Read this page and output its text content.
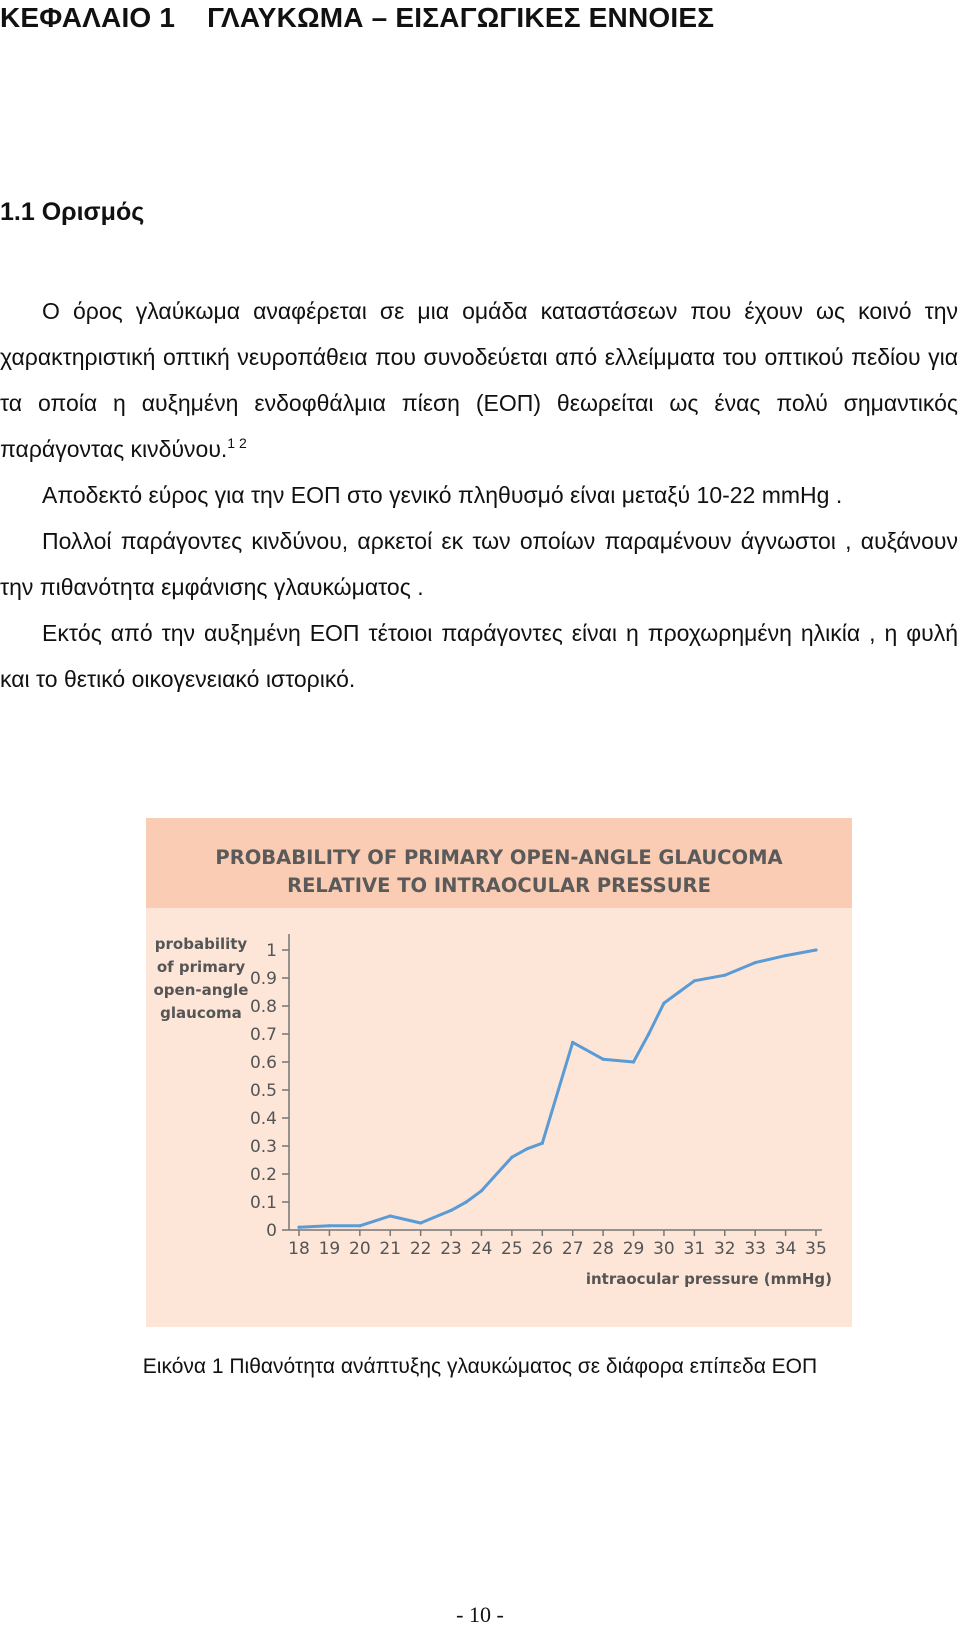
ΚΕΦΑΛΑΙΟ 1    ΓΛΑΥΚΩΜΑ – ΕΙΣΑΓΩΓΙΚΕΣ ΕΝΝΟΙΕΣ
1.1 Ορισμός

Ο όρος γλαύκωμα αναφέρεται σε μια ομάδα καταστάσεων που έχουν ως κοινό την χαρακτηριστική οπτική νευροπάθεια που συνοδεύεται από ελλείμματα του οπτικού πεδίου για τα οποία η αυξημένη ενδοφθάλμια πίεση (ΕΟΠ) θεωρείται ως ένας πολύ σημαντικός παράγοντας κινδύνου.$^{1 2}$

Αποδεκτό εύρος για την ΕΟΠ στο γενικό πληθυσμό είναι μεταξύ 10-22 mmHg .

Πολλοί παράγοντες κινδύνου, αρκετοί εκ των οποίων παραμένουν άγνωστοι , αυξάνουν την πιθανότητα εμφάνισης γλαυκώματος .

Εκτός από την αυξημένη ΕΟΠ τέτοιοι παράγοντες είναι η προχωρημένη ηλικία , η φυλή και το θετικό οικογενειακό ιστορικό.

PROBABILITY OF PRIMARY OPEN-ANGLE GLAUCOMA
RELATIVE TO INTRAOCULAR PRESSURE
probability
of primary
open-angle
glaucoma
0
0.1
0.2
0.3
0.4
0.5
0.6
0.7
0.8
0.9
1
18 19 20 21 22 23 24 25 26 27 28 29 30 31 32 33 34 35
intraocular pressure (mmHg)
Εικόνα 1 Πιθανότητα ανάπτυξης γλαυκώματος σε διάφορα επίπεδα ΕΟΠ
- 10 -
